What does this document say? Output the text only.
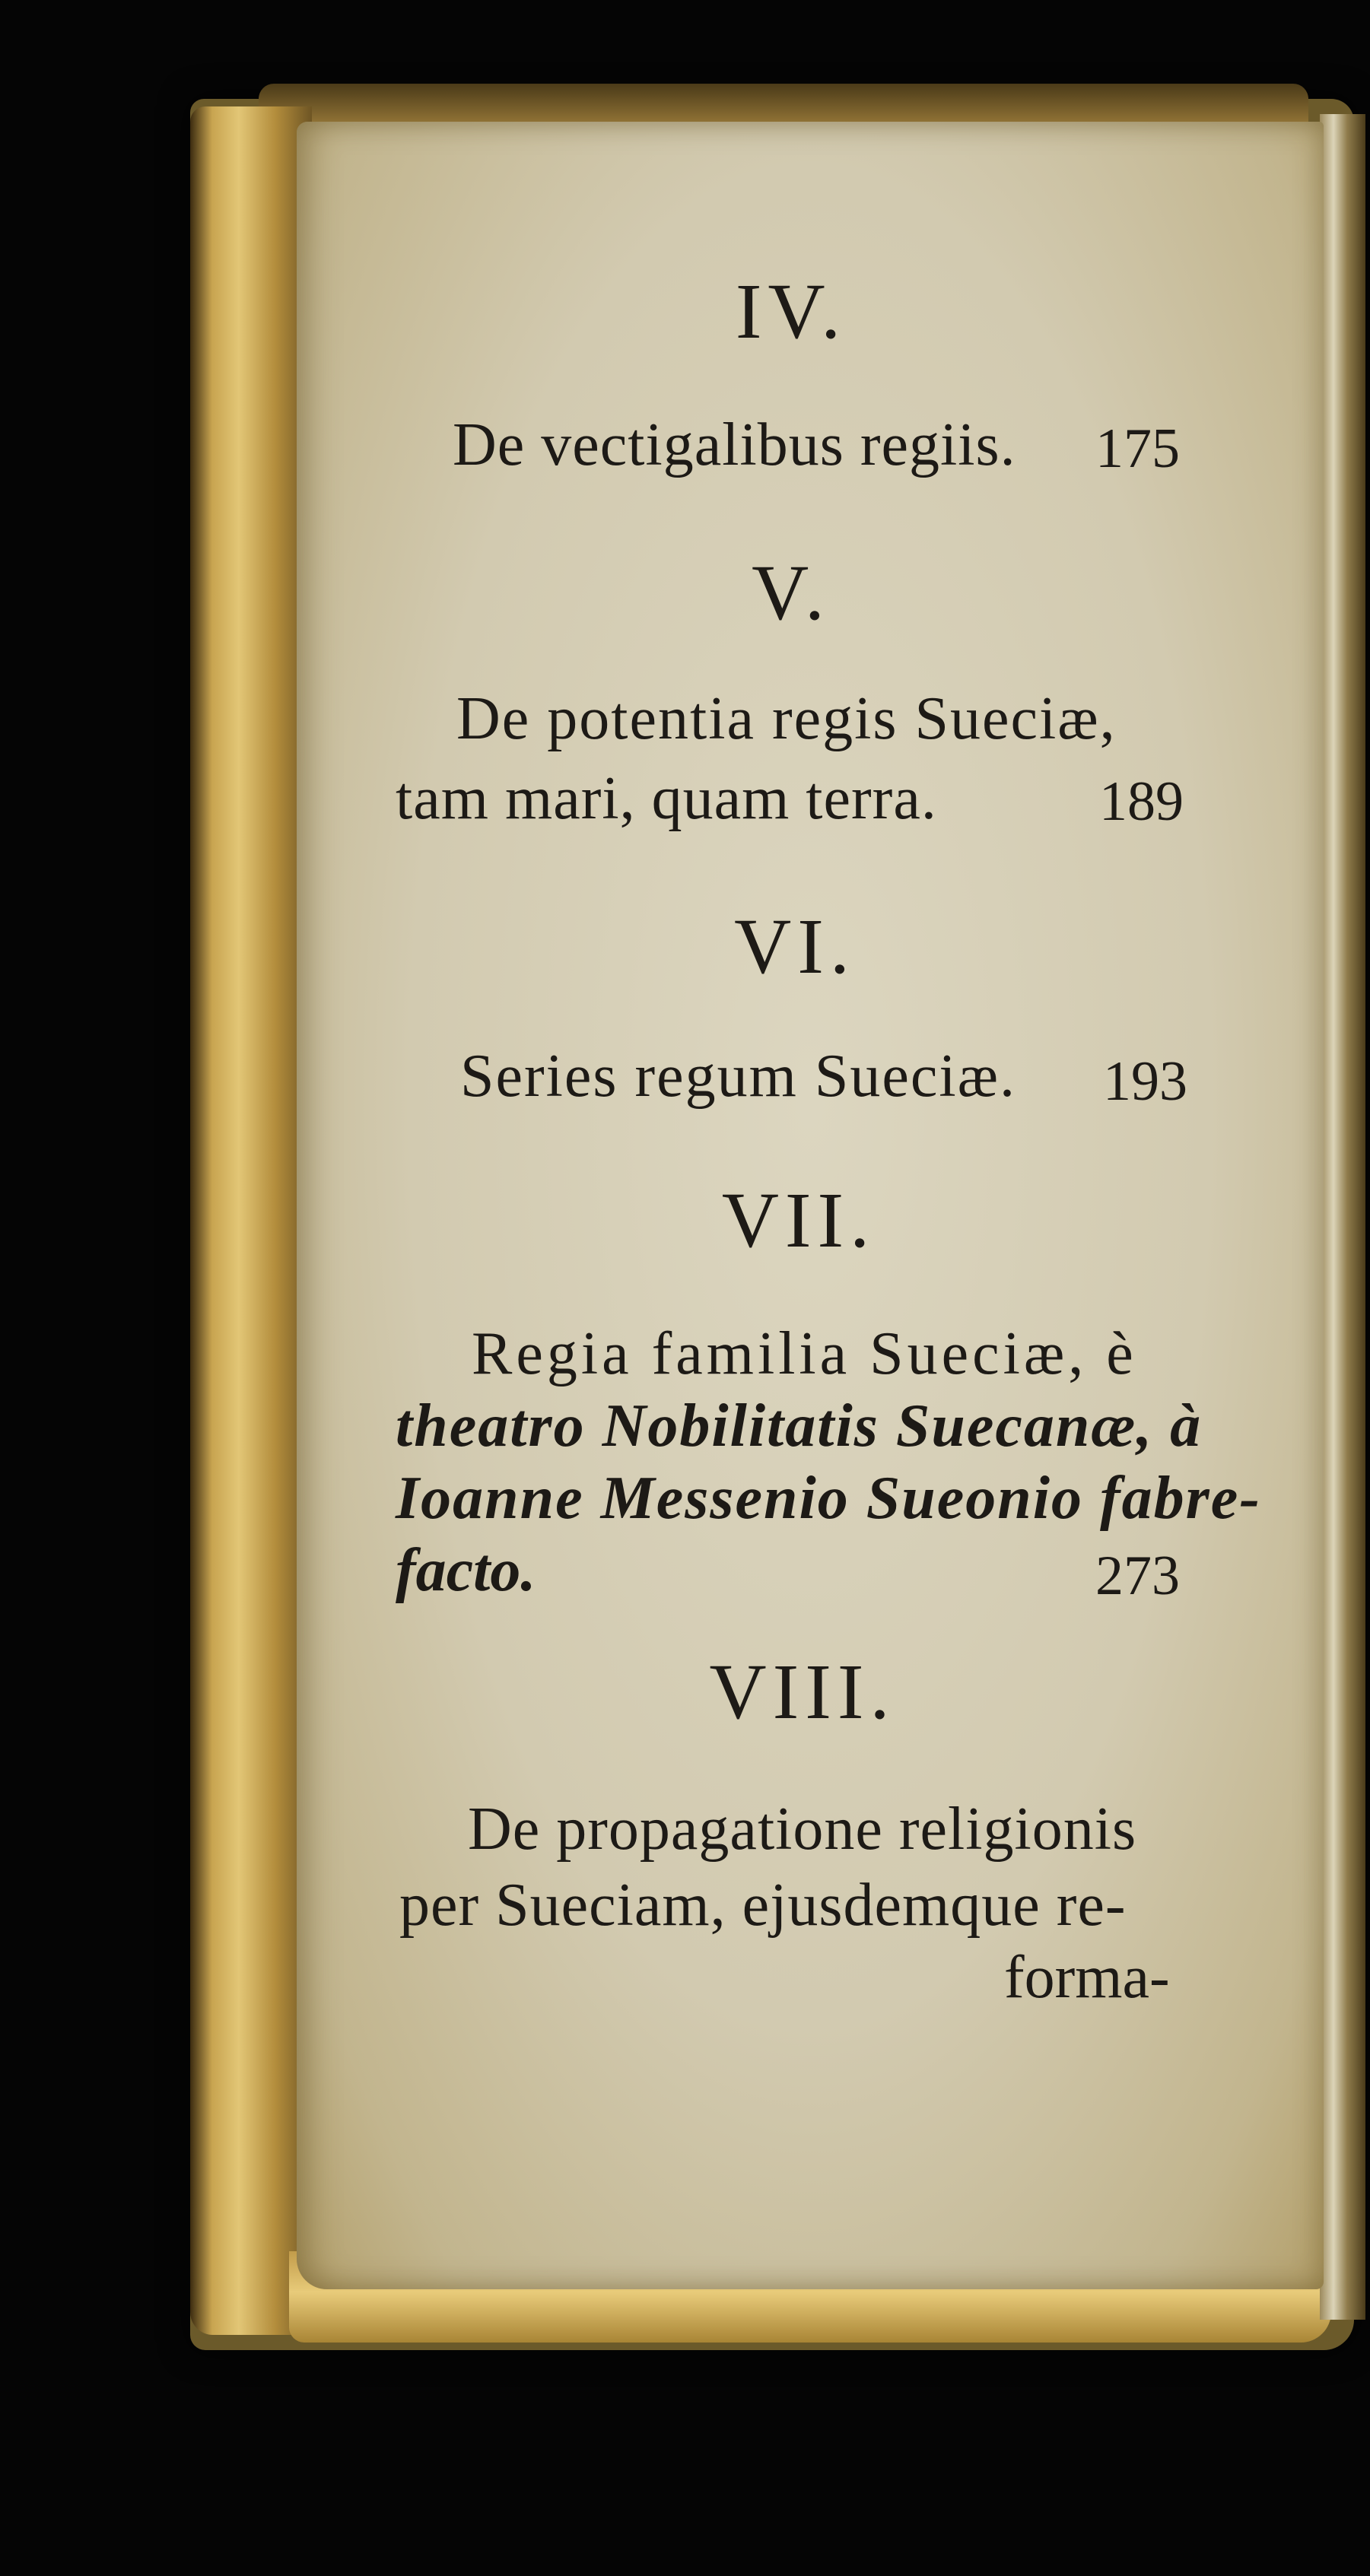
IV.
De vectigalibus regiis. 175
V.
De potentia regis Sueciæ,
tam mari, quam terra.	189
VI.
Series regum Sueciæ. 193
VII.
Regia familia Sueciæ, è
theatro Nobilitatis Suecanæ, à
Ioanne Messenio Sueonio fabre-
facto.	273
VIII.
De propagatione religionis
per Sueciam, ejusdemque re-
forma-
